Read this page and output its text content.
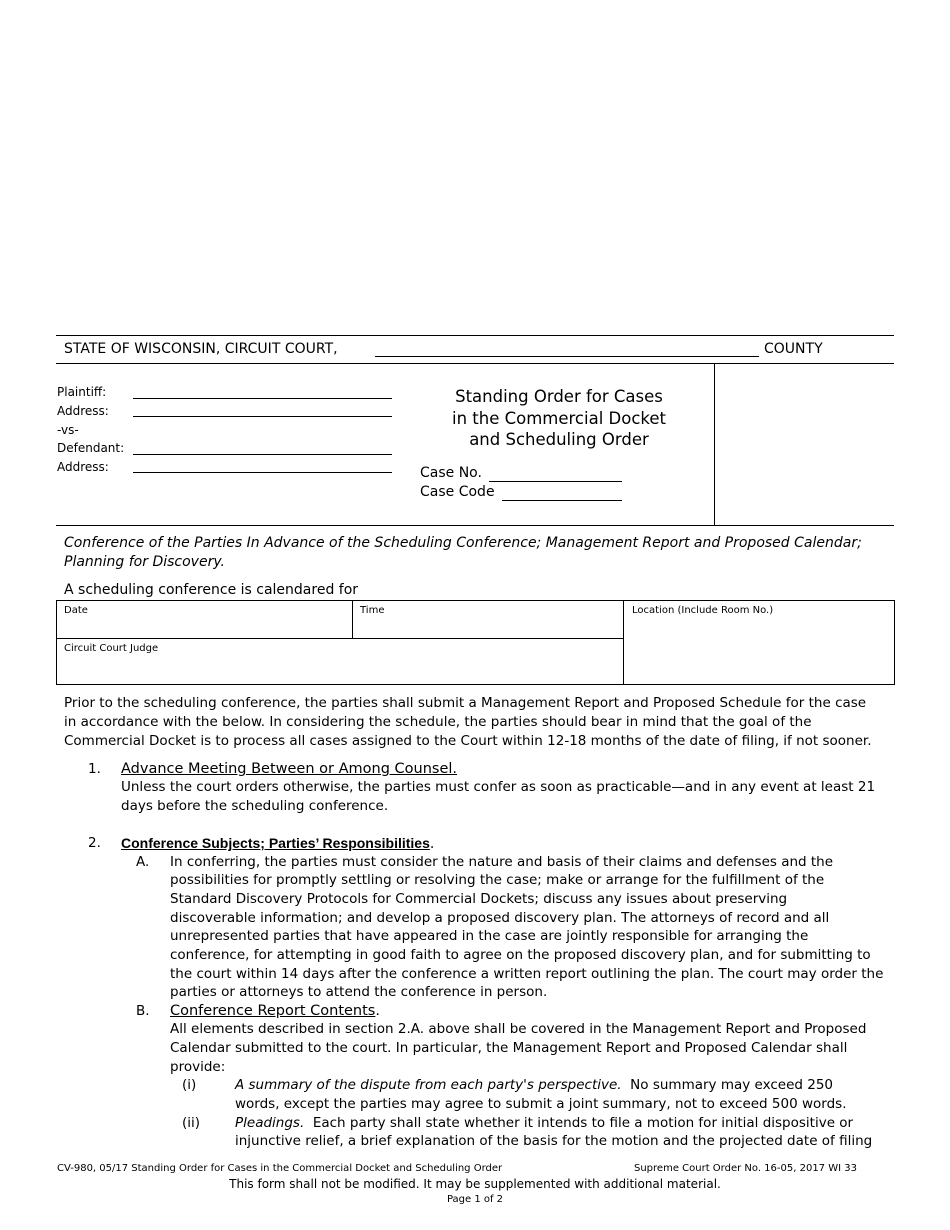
STATE OF WISCONSIN, CIRCUIT COURT,	COUNTY
Plaintiff:
Address:
-vs-
Defendant:
Address:
Standing Order for Cases
in the Commercial Docket
and Scheduling Order
Case No.
Case Code
Conference of the Parties In Advance of the Scheduling Conference; Management Report and Proposed Calendar;
Planning for Discovery.
A scheduling conference is calendared for
Date	Time	Location (Include Room No.)
Circuit Court Judge
Prior to the scheduling conference, the parties shall submit a Management Report and Proposed Schedule for the case
in accordance with the below. In considering the schedule, the parties should bear in mind that the goal of the
Commercial Docket is to process all cases assigned to the Court within 12-18 months of the date of filing, if not sooner.
1. Advance Meeting Between or Among Counsel.
Unless the court orders otherwise, the parties must confer as soon as practicable—and in any event at least 21
days before the scheduling conference.
2. Conference Subjects; Parties’ Responsibilities.
A. In conferring, the parties must consider the nature and basis of their claims and defenses and the
possibilities for promptly settling or resolving the case; make or arrange for the fulfillment of the
Standard Discovery Protocols for Commercial Dockets; discuss any issues about preserving
discoverable information; and develop a proposed discovery plan. The attorneys of record and all
unrepresented parties that have appeared in the case are jointly responsible for arranging the
conference, for attempting in good faith to agree on the proposed discovery plan, and for submitting to
the court within 14 days after the conference a written report outlining the plan. The court may order the
parties or attorneys to attend the conference in person.
B. Conference Report Contents.
All elements described in section 2.A. above shall be covered in the Management Report and Proposed
Calendar submitted to the court. In particular, the Management Report and Proposed Calendar shall
provide:
(i)	A summary of the dispute from each party's perspective.  No summary may exceed 250
words, except the parties may agree to submit a joint summary, not to exceed 500 words.
(ii)	Pleadings.  Each party shall state whether it intends to file a motion for initial dispositive or
injunctive relief, a brief explanation of the basis for the motion and the projected date of filing
CV-980, 05/17 Standing Order for Cases in the Commercial Docket and Scheduling Order	Supreme Court Order No. 16-05, 2017 WI 33
This form shall not be modified. It may be supplemented with additional material.
Page 1 of 2
